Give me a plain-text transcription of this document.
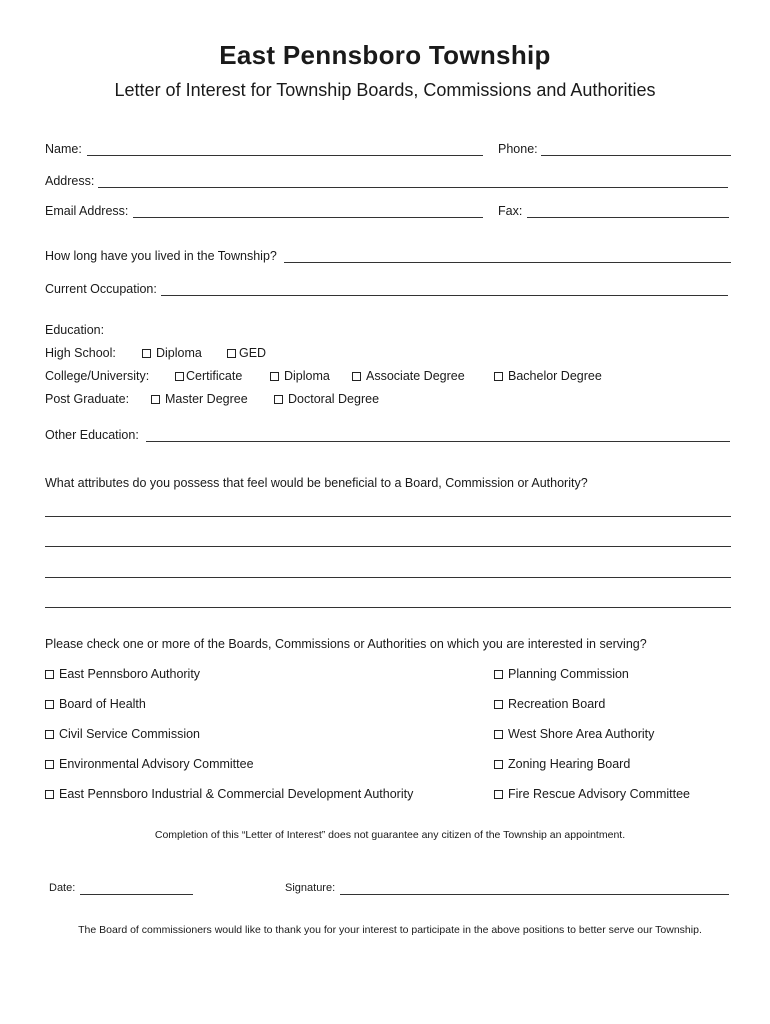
East Pennsboro Township
Letter of Interest for Township Boards, Commissions and Authorities
Name:	Phone:
Address:
Email Address:	Fax:
How long have you lived in the Township?
Current Occupation:
Education:
High School:	Diploma	GED
College/University:	Certificate	Diploma	Associate Degree	Bachelor Degree
Post Graduate:	Master Degree	Doctoral Degree
Other Education:
What attributes do you possess that feel would be beneficial to a Board, Commission or Authority?
Please check one or more of the Boards, Commissions or Authorities on which you are interested in serving?
East Pennsboro Authority	Planning Commission
Board of Health	Recreation Board
Civil Service Commission	West Shore Area Authority
Environmental Advisory Committee	Zoning Hearing Board
East Pennsboro Industrial & Commercial Development Authority	Fire Rescue Advisory Committee
Completion of this “Letter of Interest” does not guarantee any citizen of the Township an appointment.
Date:	Signature:
The Board of commissioners would like to thank you for your interest to participate in the above positions to better serve our Township.
